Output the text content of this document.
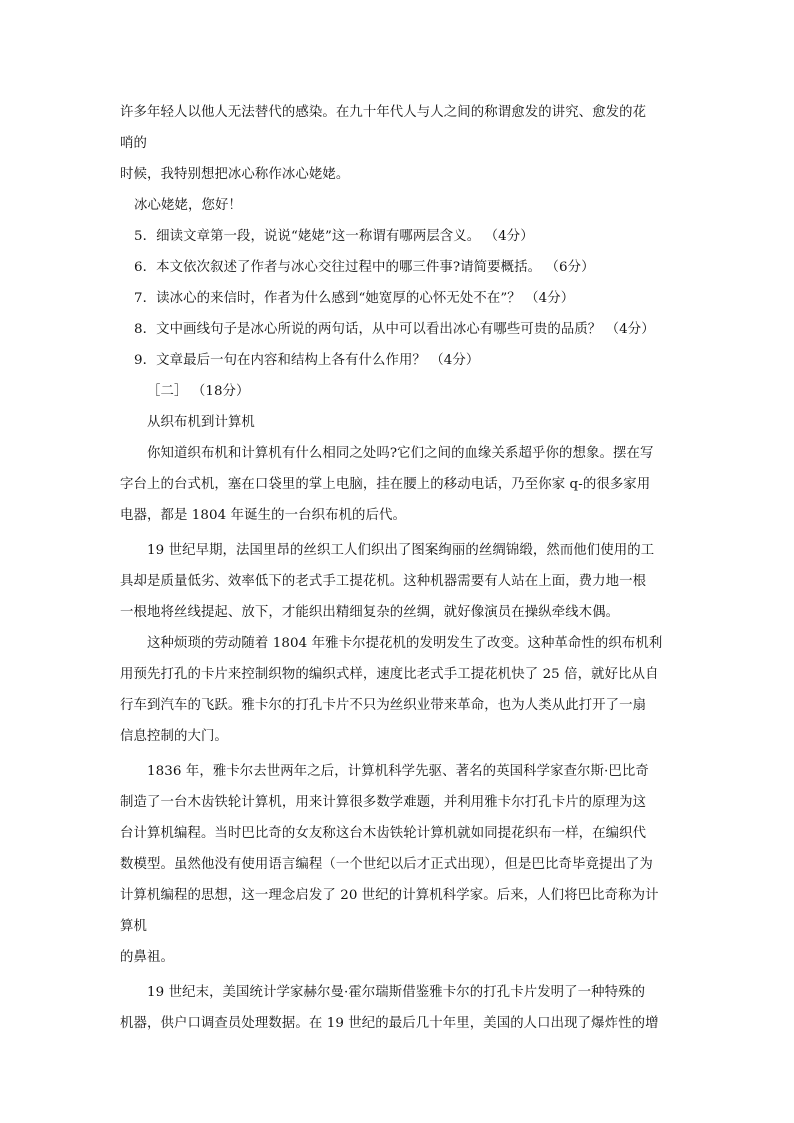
许多年轻人以他人无法替代的感染。在九十年代人与人之间的称谓愈发的讲究、愈发的花
哨的
时候，我特别想把冰心称作冰心姥姥。
冰心姥姥，您好！
5．细读文章第一段，说说“姥姥”这一称谓有哪两层含义。 （4分）
6．本文依次叙述了作者与冰心交往过程中的哪三件事?请简要概括。 （6分）
7．读冰心的来信时，作者为什么感到“她宽厚的心怀无处不在”？ （4分）
8．文中画线句子是冰心所说的两句话，从中可以看出冰心有哪些可贵的品质？ （4分）
9．文章最后一句在内容和结构上各有什么作用？ （4分）
［二］ （18分）
从织布机到计算机
你知道织布机和计算机有什么相同之处吗?它们之间的血缘关系超乎你的想象。摆在写
字台上的台式机，塞在口袋里的掌上电脑，挂在腰上的移动电话，乃至你家 q-的很多家用
电器，都是 1804 年诞生的一台织布机的后代。
19 世纪早期，法国里昂的丝织工人们织出了图案绚丽的丝绸锦缎，然而他们使用的工
具却是质量低劣、效率低下的老式手工提花机。这种机器需要有人站在上面，费力地一根
一根地将丝线提起、放下，才能织出精细复杂的丝绸，就好像演员在操纵牵线木偶。
这种烦琐的劳动随着 1804 年雅卡尔提花机的发明发生了改变。这种革命性的织布机利
用预先打孔的卡片来控制织物的编织式样，速度比老式手工提花机快了 25 倍，就好比从自
行车到汽车的飞跃。雅卡尔的打孔卡片不只为丝织业带来革命，也为人类从此打开了一扇
信息控制的大门。
1836 年，雅卡尔去世两年之后，计算机科学先驱、著名的英国科学家查尔斯·巴比奇
制造了一台木齿铁轮计算机，用来计算很多数学难题，并利用雅卡尔打孔卡片的原理为这
台计算机编程。当时巴比奇的女友称这台木齿铁轮计算机就如同提花织布一样，在编织代
数模型。虽然他没有使用语言编程（一个世纪以后才正式出现），但是巴比奇毕竟提出了为
计算机编程的思想，这一理念启发了 20 世纪的计算机科学家。后来，人们将巴比奇称为计
算机
的鼻祖。
19 世纪末，美国统计学家赫尔曼·霍尔瑞斯借鉴雅卡尔的打孔卡片发明了一种特殊的
机器，供户口调查员处理数据。在 19 世纪的最后几十年里，美国的人口出现了爆炸性的增
